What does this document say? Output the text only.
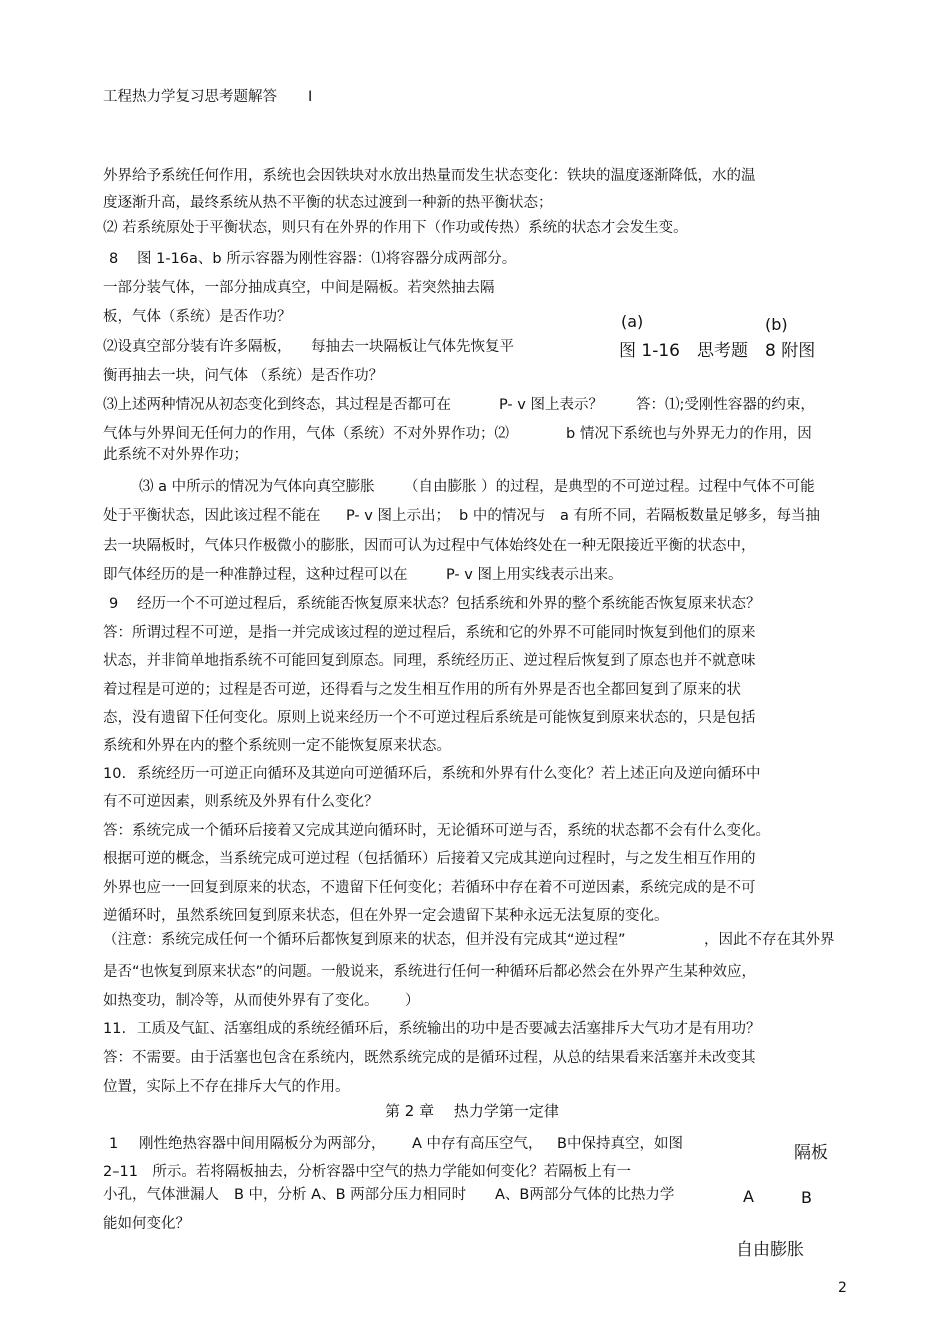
工程热力学复习思考题解答 I
外界给予系统任何作用，系统也会因铁块对水放出热量而发生状态变化：铁块的温度逐渐降低，水的温
度逐渐升高，最终系统从热不平衡的状态过渡到一种新的热平衡状态；
⑵ 若系统原处于平衡状态，则只有在外界的作用下（作功或传热）系统的状态才会发生变。
8 图 1-16a、b 所示容器为刚性容器：⑴将容器分成两部分。
一部分装气体，一部分抽成真空，中间是隔板。若突然抽去隔
板，气体（系统）是否作功？
⑵设真空部分装有许多隔板， 每抽去一块隔板让气体先恢复平
衡再抽去一块，问气体 （系统）是否作功？
(a)	(b)
图 1-16　思考题　8 附图
⑶上述两种情况从初态变化到终态，其过程是否都可在	P- v 图上表示？ 答：⑴;受刚性容器的约束，
气体与外界间无任何力的作用，气体（系统）不对外界作功；⑵	b 情况下系统也与外界无力的作用，因
此系统不对外界作功；
⑶ a 中所示的情况为气体向真空膨胀 （自由膨胀 ）的过程，是典型的不可逆过程。过程中气体不可能
处于平衡状态，因此该过程不能在 P- v 图上示出； b 中的情况与 a 有所不同，若隔板数量足够多，每当抽
去一块隔板时，气体只作极微小的膨胀，因而可认为过程中气体始终处在一种无限接近平衡的状态中，
即气体经历的是一种准静过程，这种过程可以在	P- v 图上用实线表示出来。
9 经历一个不可逆过程后，系统能否恢复原来状态？包括系统和外界的整个系统能否恢复原来状态？
答：所谓过程不可逆，是指一并完成该过程的逆过程后，系统和它的外界不可能同时恢复到他们的原来
状态，并非简单地指系统不可能回复到原态。同理，系统经历正、逆过程后恢复到了原态也并不就意味
着过程是可逆的；过程是否可逆，还得看与之发生相互作用的所有外界是否也全都回复到了原来的状
态，没有遗留下任何变化。原则上说来经历一个不可逆过程后系统是可能恢复到原来状态的，只是包括
系统和外界在内的整个系统则一定不能恢复原来状态。
10. 系统经历一可逆正向循环及其逆向可逆循环后，系统和外界有什么变化？若上述正向及逆向循环中
有不可逆因素，则系统及外界有什么变化？
答：系统完成一个循环后接着又完成其逆向循环时，无论循环可逆与否，系统的状态都不会有什么变化。
根据可逆的概念，当系统完成可逆过程（包括循环）后接着又完成其逆向过程时，与之发生相互作用的
外界也应一一回复到原来的状态，不遗留下任何变化；若循环中存在着不可逆因素，系统完成的是不可
逆循环时，虽然系统回复到原来状态，但在外界一定会遗留下某种永远无法复原的变化。
（注意：系统完成任何一个循环后都恢复到原来的状态，但并没有完成其“逆过程”	，因此不存在其外界
是否“也恢复到原来状态”的问题。一般说来，系统进行任何一种循环后都必然会在外界产生某种效应，
如热变功，制冷等，从而使外界有了变化。 ）
11. 工质及气缸、活塞组成的系统经循环后，系统输出的功中是否要减去活塞排斥大气功才是有用功？
答：不需要。由于活塞也包含在系统内，既然系统完成的是循环过程，从总的结果看来活塞并未改变其
位置，实际上不存在排斥大气的作用。
第 2 章　 热力学第一定律
1 刚性绝热容器中间用隔板分为两部分， A 中存有高压空气， B中保持真空，如图
2–11　所示。若将隔板抽去，分析容器中空气的热力学能如何变化？若隔板上有一
小孔，气体泄漏人 B 中，分析 A、B 两部分压力相同时 A、B两部分气体的比热力学
能如何变化？
隔板
A	B
自由膨胀
2
